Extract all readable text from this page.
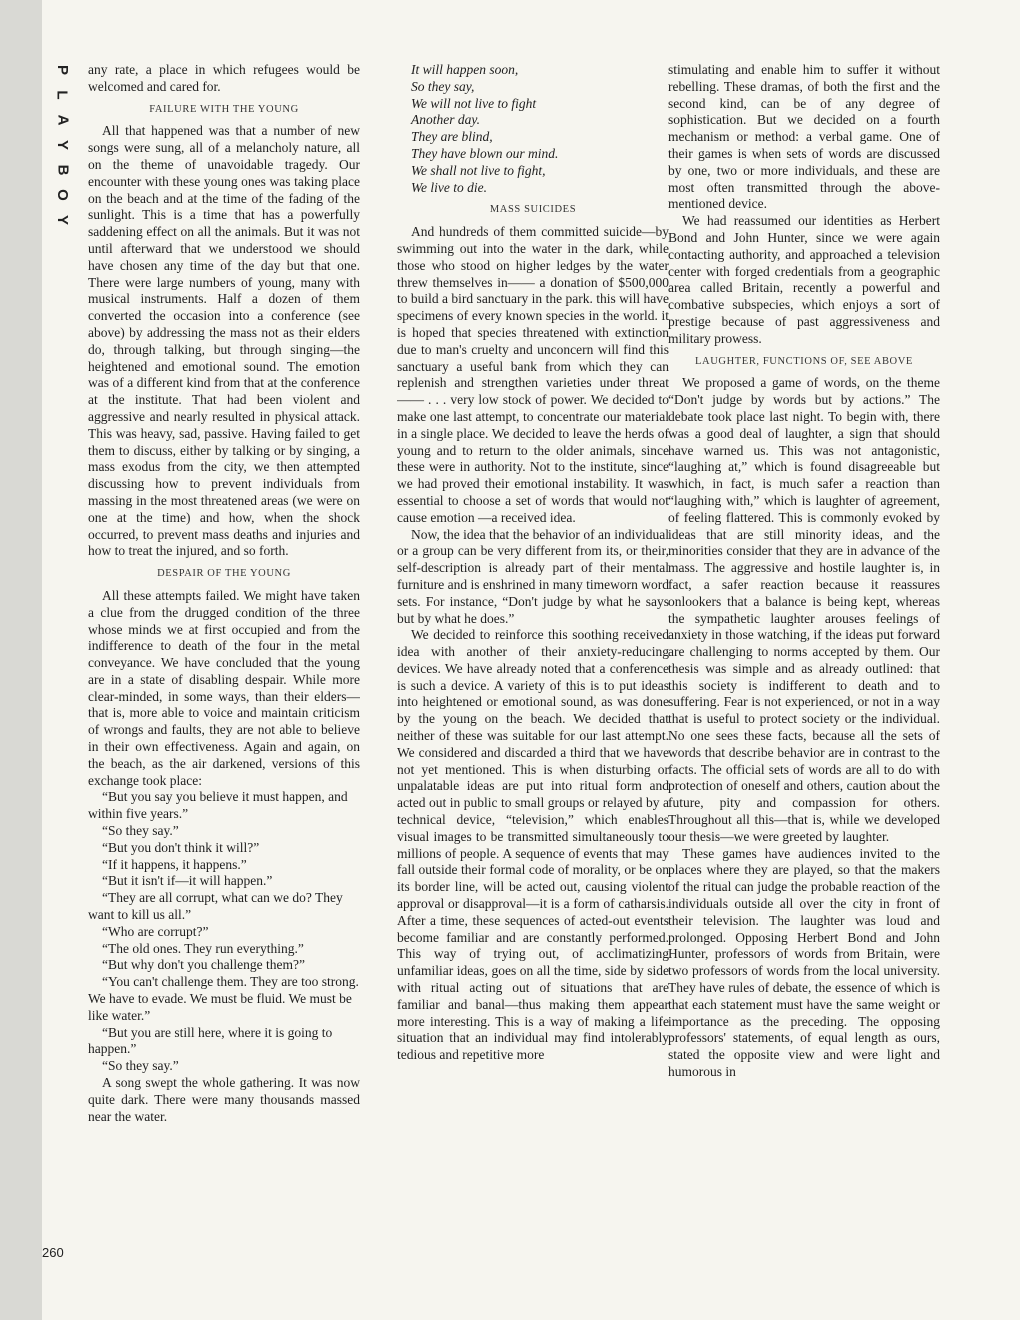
P
L
A
Y
B
O
Y
260

any rate, a place in which refugees would be welcomed and cared for.

FAILURE WITH THE YOUNG

All that happened was that a number of new songs were sung, all of a melancholy nature, all on the theme of unavoidable tragedy. Our encounter with these young ones was taking place on the beach and at the time of the fading of the sunlight. This is a time that has a powerfully saddening effect on all the animals. But it was not until afterward that we understood we should have chosen any time of the day but that one. There were large numbers of young, many with musical instruments. Half a dozen of them converted the occasion into a conference (see above) by addressing the mass not as their elders do, through talking, but through singing—the heightened and emotional sound. The emotion was of a different kind from that at the conference at the institute. That had been violent and aggressive and nearly resulted in physical attack. This was heavy, sad, passive. Having failed to get them to discuss, either by talking or by singing, a mass exodus from the city, we then attempted discussing how to prevent individuals from massing in the most threatened areas (we were on one at the time) and how, when the shock occurred, to prevent mass deaths and injuries and how to treat the injured, and so forth.

DESPAIR OF THE YOUNG

All these attempts failed. We might have taken a clue from the drugged condition of the three whose minds we at first occupied and from the indifference to death of the four in the metal conveyance. We have concluded that the young are in a state of disabling despair. While more clear-minded, in some ways, than their elders—that is, more able to voice and maintain criticism of wrongs and faults, they are not able to believe in their own effectiveness. Again and again, on the beach, as the air darkened, versions of this exchange took place:

“But you say you believe it must happen, and within five years.”

“So they say.”

“But you don't think it will?”

“If it happens, it happens.”

“But it isn't if—it will happen.”

“They are all corrupt, what can we do? They want to kill us all.”

“Who are corrupt?”

“The old ones. They run everything.”

“But why don't you challenge them?”

“You can't challenge them. They are too strong. We have to evade. We must be fluid. We must be like water.”

“But you are still here, where it is going to happen.”

“So they say.”

A song swept the whole gathering. It was now quite dark. There were many thousands massed near the water.

It will happen soon,
So they say,
We will not live to fight
Another day.
They are blind,
They have blown our mind.
We shall not live to fight,
We live to die.

MASS SUICIDES

And hundreds of them committed suicide—by swimming out into the water in the dark, while those who stood on higher ledges by the water threw themselves in—— a donation of $500,000 to build a bird sanctuary in the park. this will have specimens of every known species in the world. it is hoped that species threatened with extinction due to man's cruelty and unconcern will find this sanctuary a useful bank from which they can replenish and strengthen varieties under threat—— . . . very low stock of power. We decided to make one last attempt, to concentrate our material in a single place. We decided to leave the herds of young and to return to the older animals, since these were in authority. Not to the institute, since we had proved their emotional instability. It was essential to choose a set of words that would not cause emotion —a received idea.

Now, the idea that the behavior of an individual or a group can be very different from its, or their, self-description is already part of their mental furniture and is enshrined in many timeworn word sets. For instance, “Don't judge by what he says but by what he does.”

We decided to reinforce this soothing received idea with another of their anxiety-reducing devices. We have already noted that a conference is such a device. A variety of this is to put ideas into heightened or emotional sound, as was done by the young on the beach. We decided that neither of these was suitable for our last attempt. We considered and discarded a third that we have not yet mentioned. This is when disturbing or unpalatable ideas are put into ritual form and acted out in public to small groups or relayed by a technical device, “television,” which enables visual images to be transmitted simultaneously to millions of people. A sequence of events that may fall outside their formal code of morality, or be on its border line, will be acted out, causing violent approval or disapproval—it is a form of catharsis. After a time, these sequences of acted-out events become familiar and are constantly performed. This way of trying out, of acclimatizing unfamiliar ideas, goes on all the time, side by side with ritual acting out of situations that are familiar and banal—thus making them appear more interesting. This is a way of making a life situation that an individual may find intolerably tedious and repetitive more

stimulating and enable him to suffer it without rebelling. These dramas, of both the first and the second kind, can be of any degree of sophistication. But we decided on a fourth mechanism or method: a verbal game. One of their games is when sets of words are discussed by one, two or more individuals, and these are most often transmitted through the above-mentioned device.

We had reassumed our identities as Herbert Bond and John Hunter, since we were again contacting authority, and approached a television center with forged credentials from a geographic area called Britain, recently a powerful and combative subspecies, which enjoys a sort of prestige because of past aggressiveness and military prowess.

LAUGHTER, FUNCTIONS OF, SEE ABOVE

We proposed a game of words, on the theme “Don't judge by words but by actions.” The debate took place last night. To begin with, there was a good deal of laughter, a sign that should have warned us. This was not antagonistic, “laughing at,” which is found disagreeable but which, in fact, is much safer a reaction than “laughing with,” which is laughter of agreement, of feeling flattered. This is commonly evoked by ideas that are still minority ideas, and the minorities consider that they are in advance of the mass. The aggressive and hostile laughter is, in fact, a safer reaction because it reassures onlookers that a balance is being kept, whereas the sympathetic laughter arouses feelings of anxiety in those watching, if the ideas put forward are challenging to norms accepted by them. Our thesis was simple and as already outlined: that this society is indifferent to death and to suffering. Fear is not experienced, or not in a way that is useful to protect society or the individual. No one sees these facts, because all the sets of words that describe behavior are in contrast to the facts. The official sets of words are all to do with protection of oneself and others, caution about the future, pity and compassion for others. Throughout all this—that is, while we developed our thesis—we were greeted by laughter.

These games have audiences invited to the places where they are played, so that the makers of the ritual can judge the probable reaction of the individuals outside all over the city in front of their television. The laughter was loud and prolonged. Opposing Herbert Bond and John Hunter, professors of words from Britain, were two professors of words from the local university. They have rules of debate, the essence of which is that each statement must have the same weight or importance as the preceding. The opposing professors' statements, of equal length as ours, stated the opposite view and were light and humorous in
